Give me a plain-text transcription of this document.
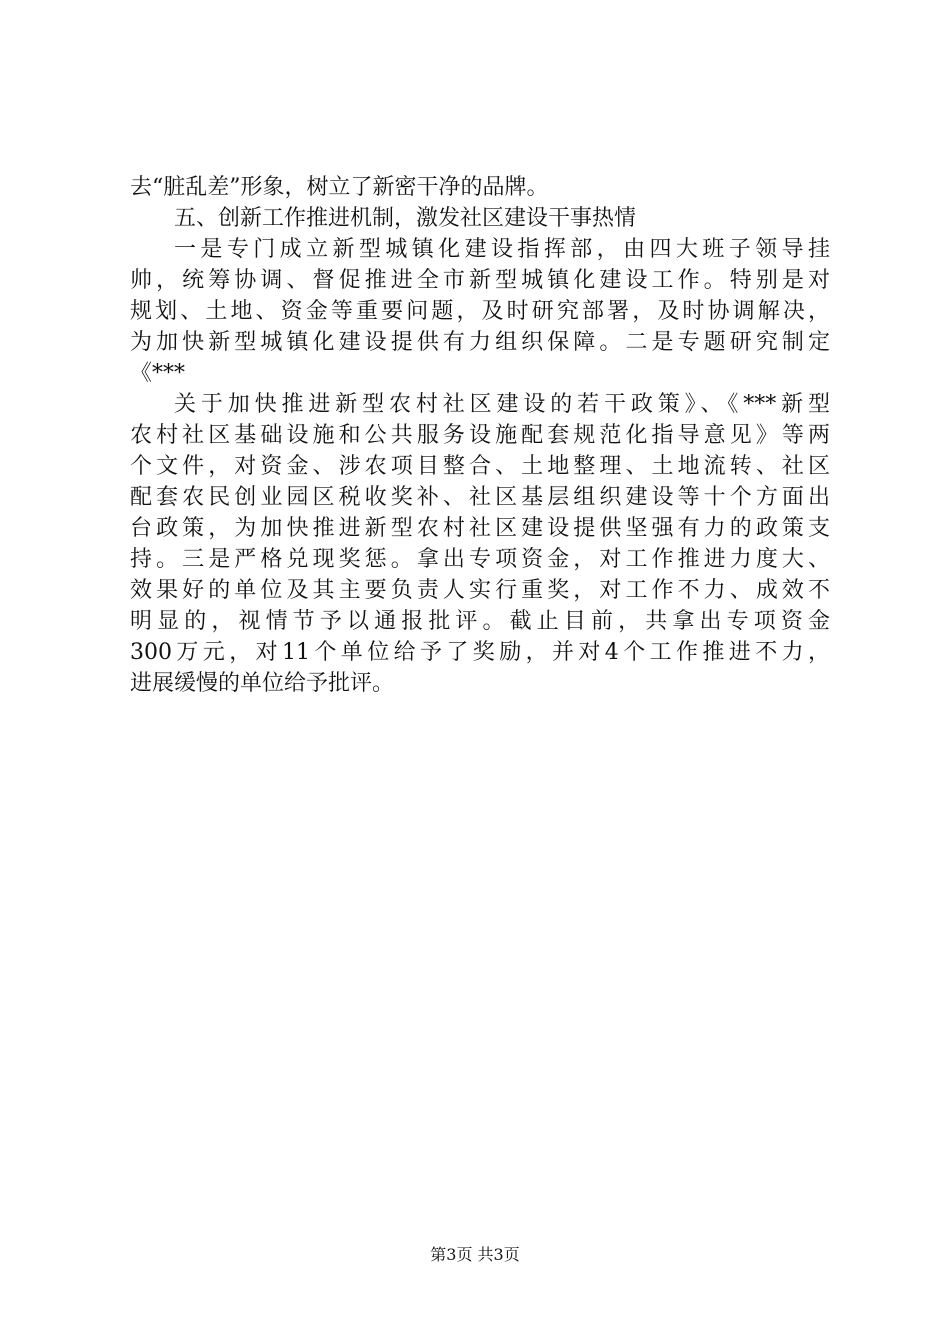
去“脏乱差”形象，树立了新密干净的品牌。
五、创新工作推进机制，激发社区建设干事热情
一是专门成立新型城镇化建设指挥部，由四大班子领导挂
帅，统筹协调、督促推进全市新型城镇化建设工作。特别是对
规划、土地、资金等重要问题，及时研究部署，及时协调解决，
为加快新型城镇化建设提供有力组织保障。二是专题研究制定
《***
关于加快推进新型农村社区建设的若干政策》、《***新型
农村社区基础设施和公共服务设施配套规范化指导意见》等两
个文件，对资金、涉农项目整合、土地整理、土地流转、社区
配套农民创业园区税收奖补、社区基层组织建设等十个方面出
台政策，为加快推进新型农村社区建设提供坚强有力的政策支
持。三是严格兑现奖惩。拿出专项资金，对工作推进力度大、
效果好的单位及其主要负责人实行重奖，对工作不力、成效不
明显的，视情节予以通报批评。截止目前，共拿出专项资金
300万元，对11个单位给予了奖励，并对4个工作推进不力，
进展缓慢的单位给予批评。
第3页 共3页
